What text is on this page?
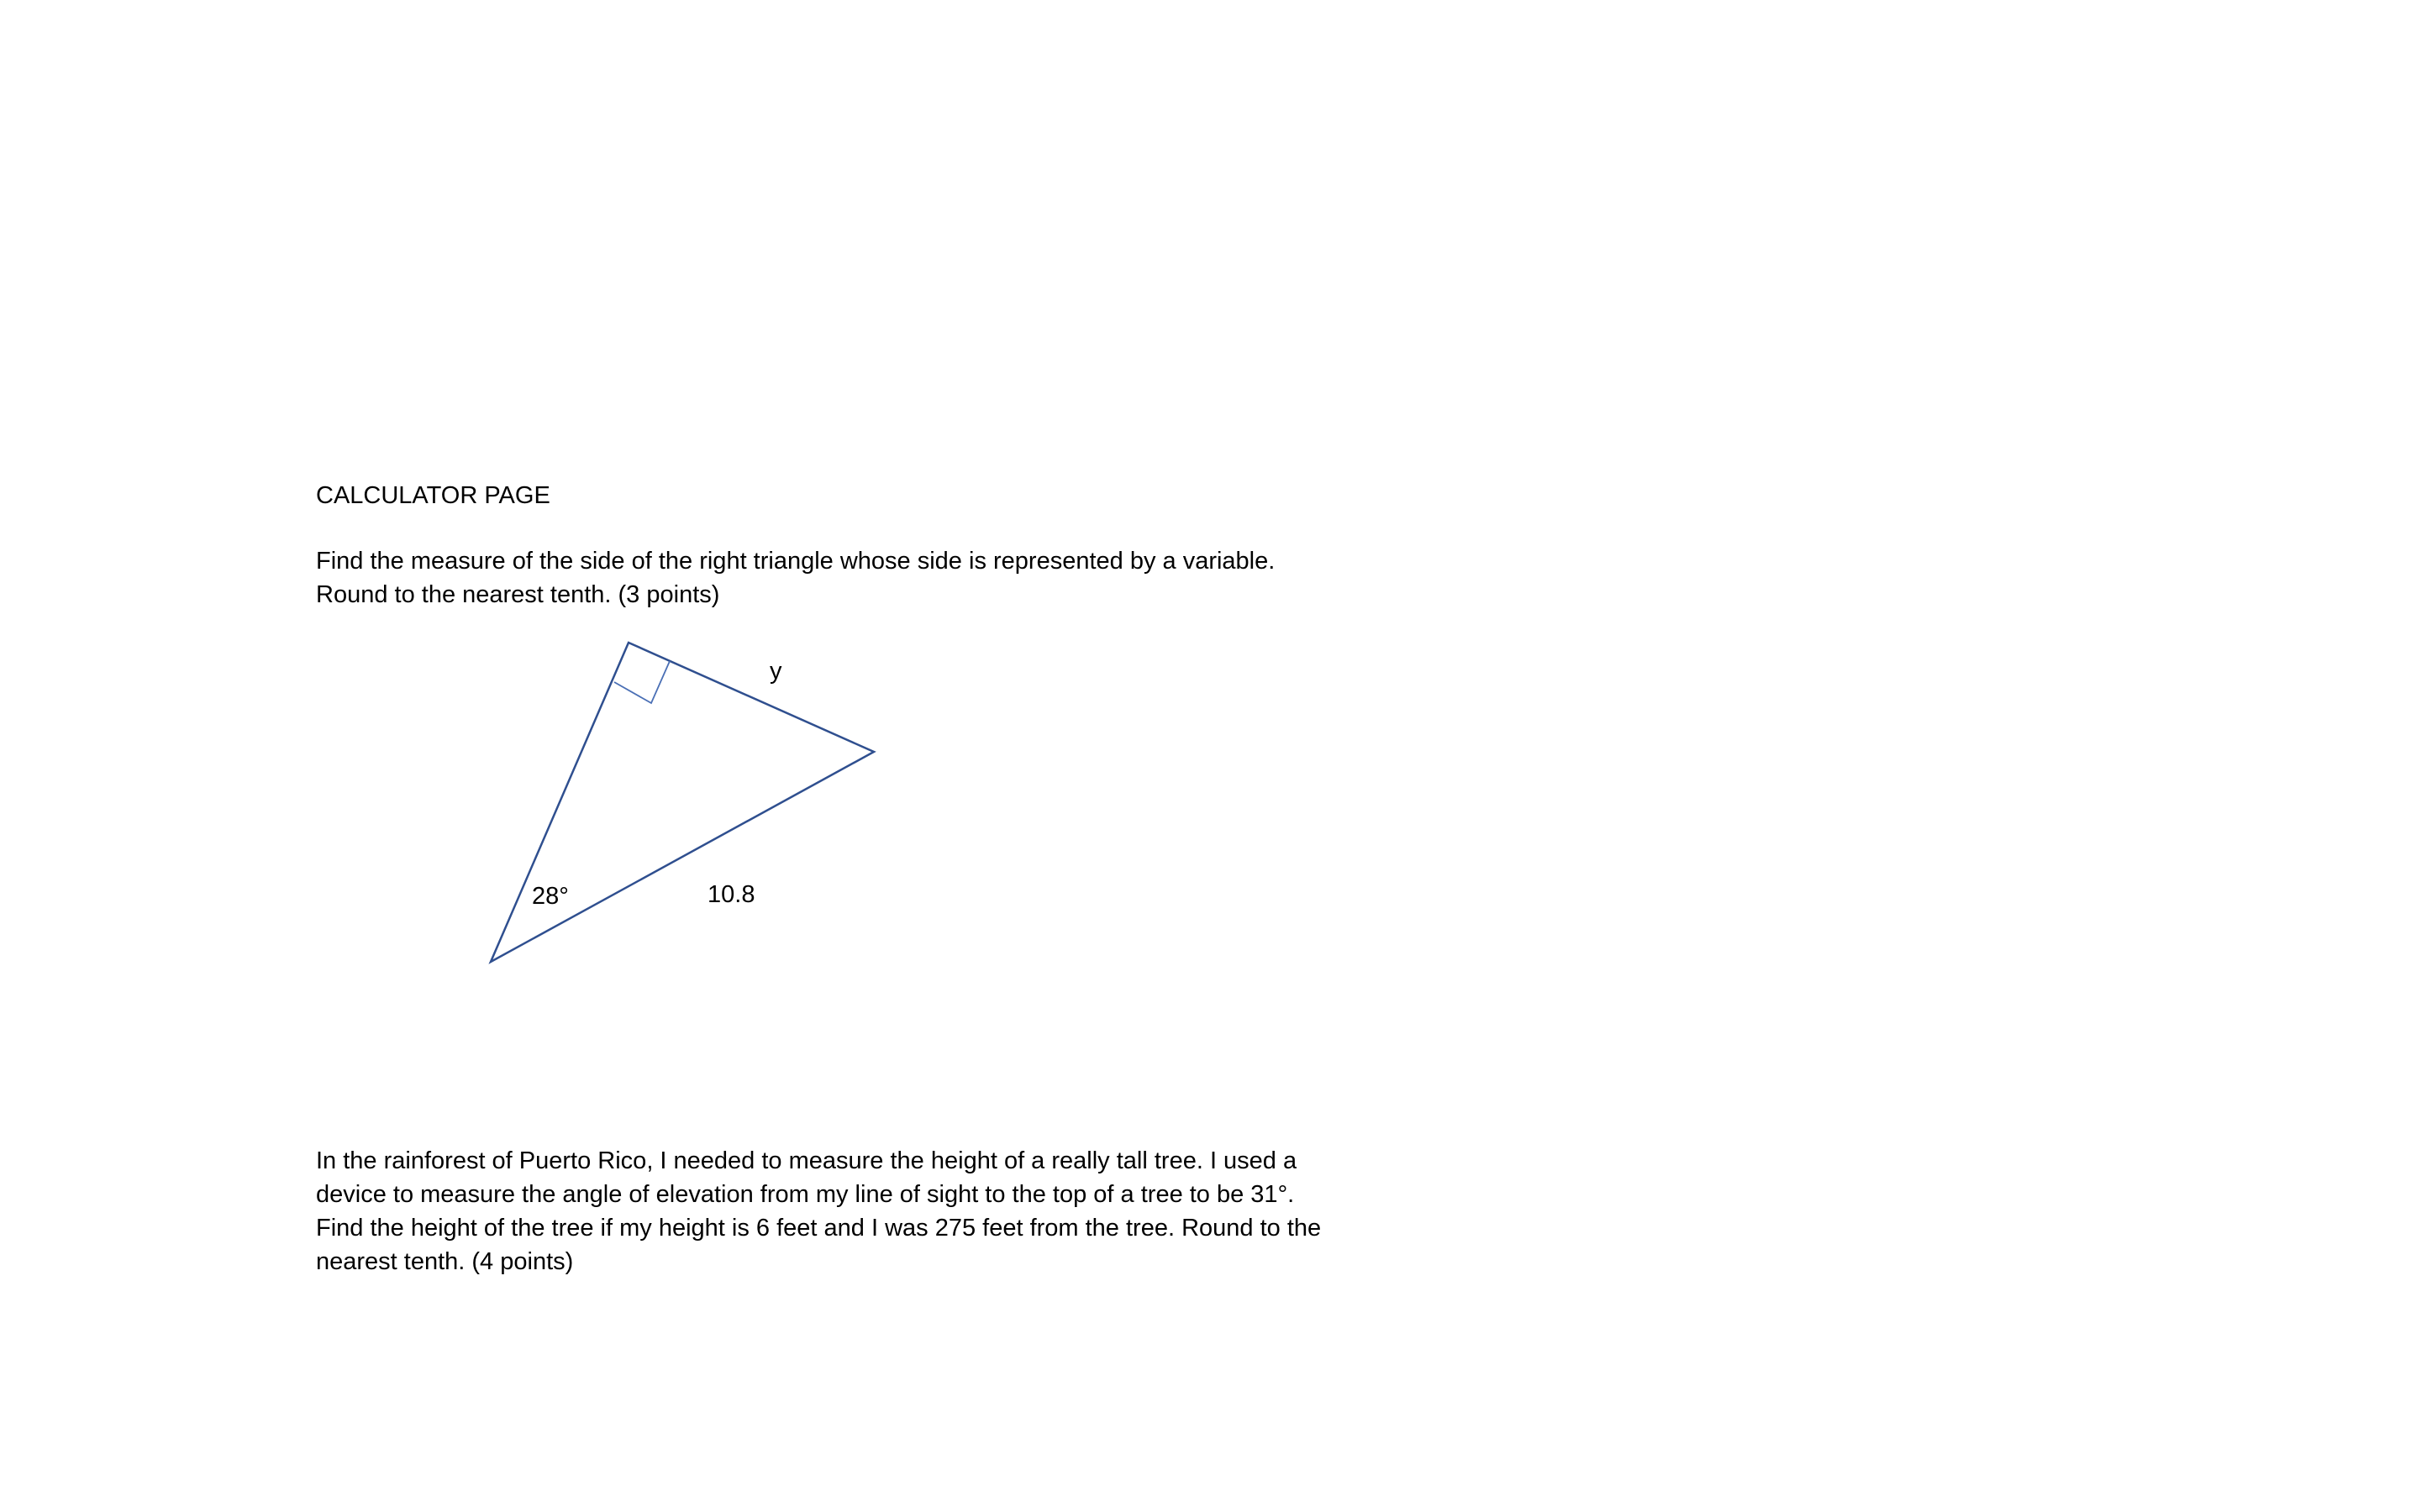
CALCULATOR PAGE
Find the measure of the side of the right triangle whose side is represented by a variable.
Round to the nearest tenth. (3 points)
y
28°	10.8
In the rainforest of Puerto Rico, I needed to measure the height of a really tall tree. I used a
device to measure the angle of elevation from my line of sight to the top of a tree to be 31°.
Find the height of the tree if my height is 6 feet and I was 275 feet from the tree. Round to the
nearest tenth. (4 points)
